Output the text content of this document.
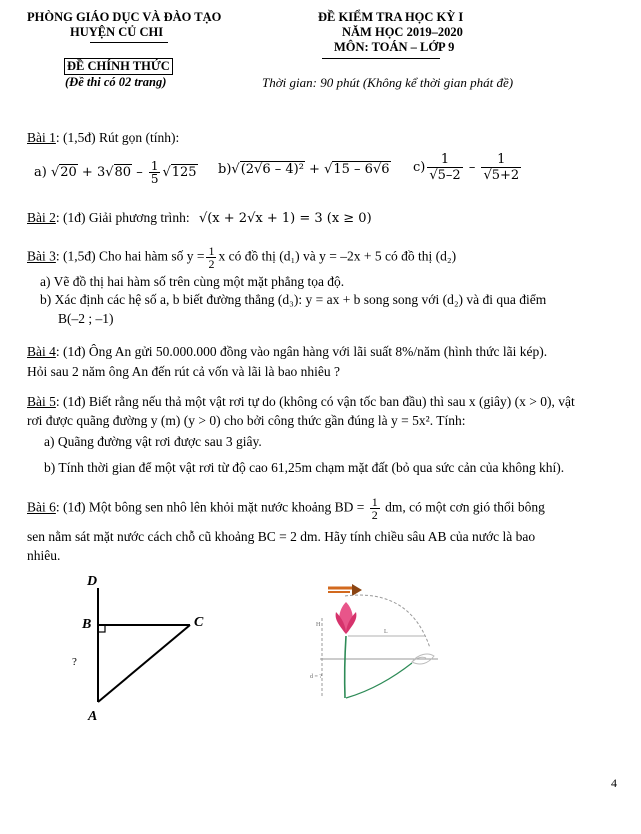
PHÒNG GIÁO DỤC VÀ ĐÀO TẠO
HUYỆN CỦ CHI
ĐỀ KIỂM TRA HỌC KỲ I
NĂM HỌC 2019–2020
MÔN: TOÁN – LỚP 9
ĐỀ CHÍNH THỨC
(Đề thi có 02 trang)	Thời gian: 90 phút (Không kể thời gian phát đề)
Bài 1: (1,5đ) Rút gọn (tính):
a) $√20 + 3√80 - \frac{1}{5} √125$ b)√(2√6 – 4)² + √15 – 6√6 $c) \frac{1}{√5-2} - \frac{1}{√5+2}$
Bài 2: (1đ) Giải phương trình: √(x + 2√x + 1) = 3 (x ≥ 0)
Bài 3: (1,5đ) Cho hai hàm số $y = \frac{1}{2}$ x có đồ thị (d₁) và y = –2x + 5 có đồ thị (d₂)
a) Vẽ đồ thị hai hàm số trên cùng một mặt phẳng tọa độ.
b) Xác định các hệ số a, b biết đường thẳng (d₃): y = ax + b song song với (d₂) và đi qua điểm
B(–2 ; –1)
Bài 4: (1đ) Ông An gửi 50.000.000 đồng vào ngân hàng với lãi suất 8%/năm (hình thức lãi kép).
Hỏi sau 2 năm ông An đến rút cả vốn và lãi là bao nhiêu ?
Bài 5: (1đ) Biết rằng nếu thả một vật rơi tự do (không có vận tốc ban đầu) thì sau x (giây) (x > 0), vật
rơi được quãng đường y (m) (y > 0) cho bởi công thức gần đúng là y = 5x². Tính:
a) Quãng đường vật rơi được sau 3 giây.
b) Tính thời gian để một vật rơi từ độ cao 61,25m chạm mặt đất (bỏ qua sức cản của không khí).
Bài 6: (1đ) Một bông sen nhô lên khỏi mặt nước khoảng BD = $\frac{1}{2}$ dm, có một cơn gió thổi bông
sen nằm sát mặt nước cách chỗ cũ khoảng BC = 2 dm. Hãy tính chiều sâu AB của nước là bao
nhiêu.
D
B	C
A
?
H
L
d = ?
4
